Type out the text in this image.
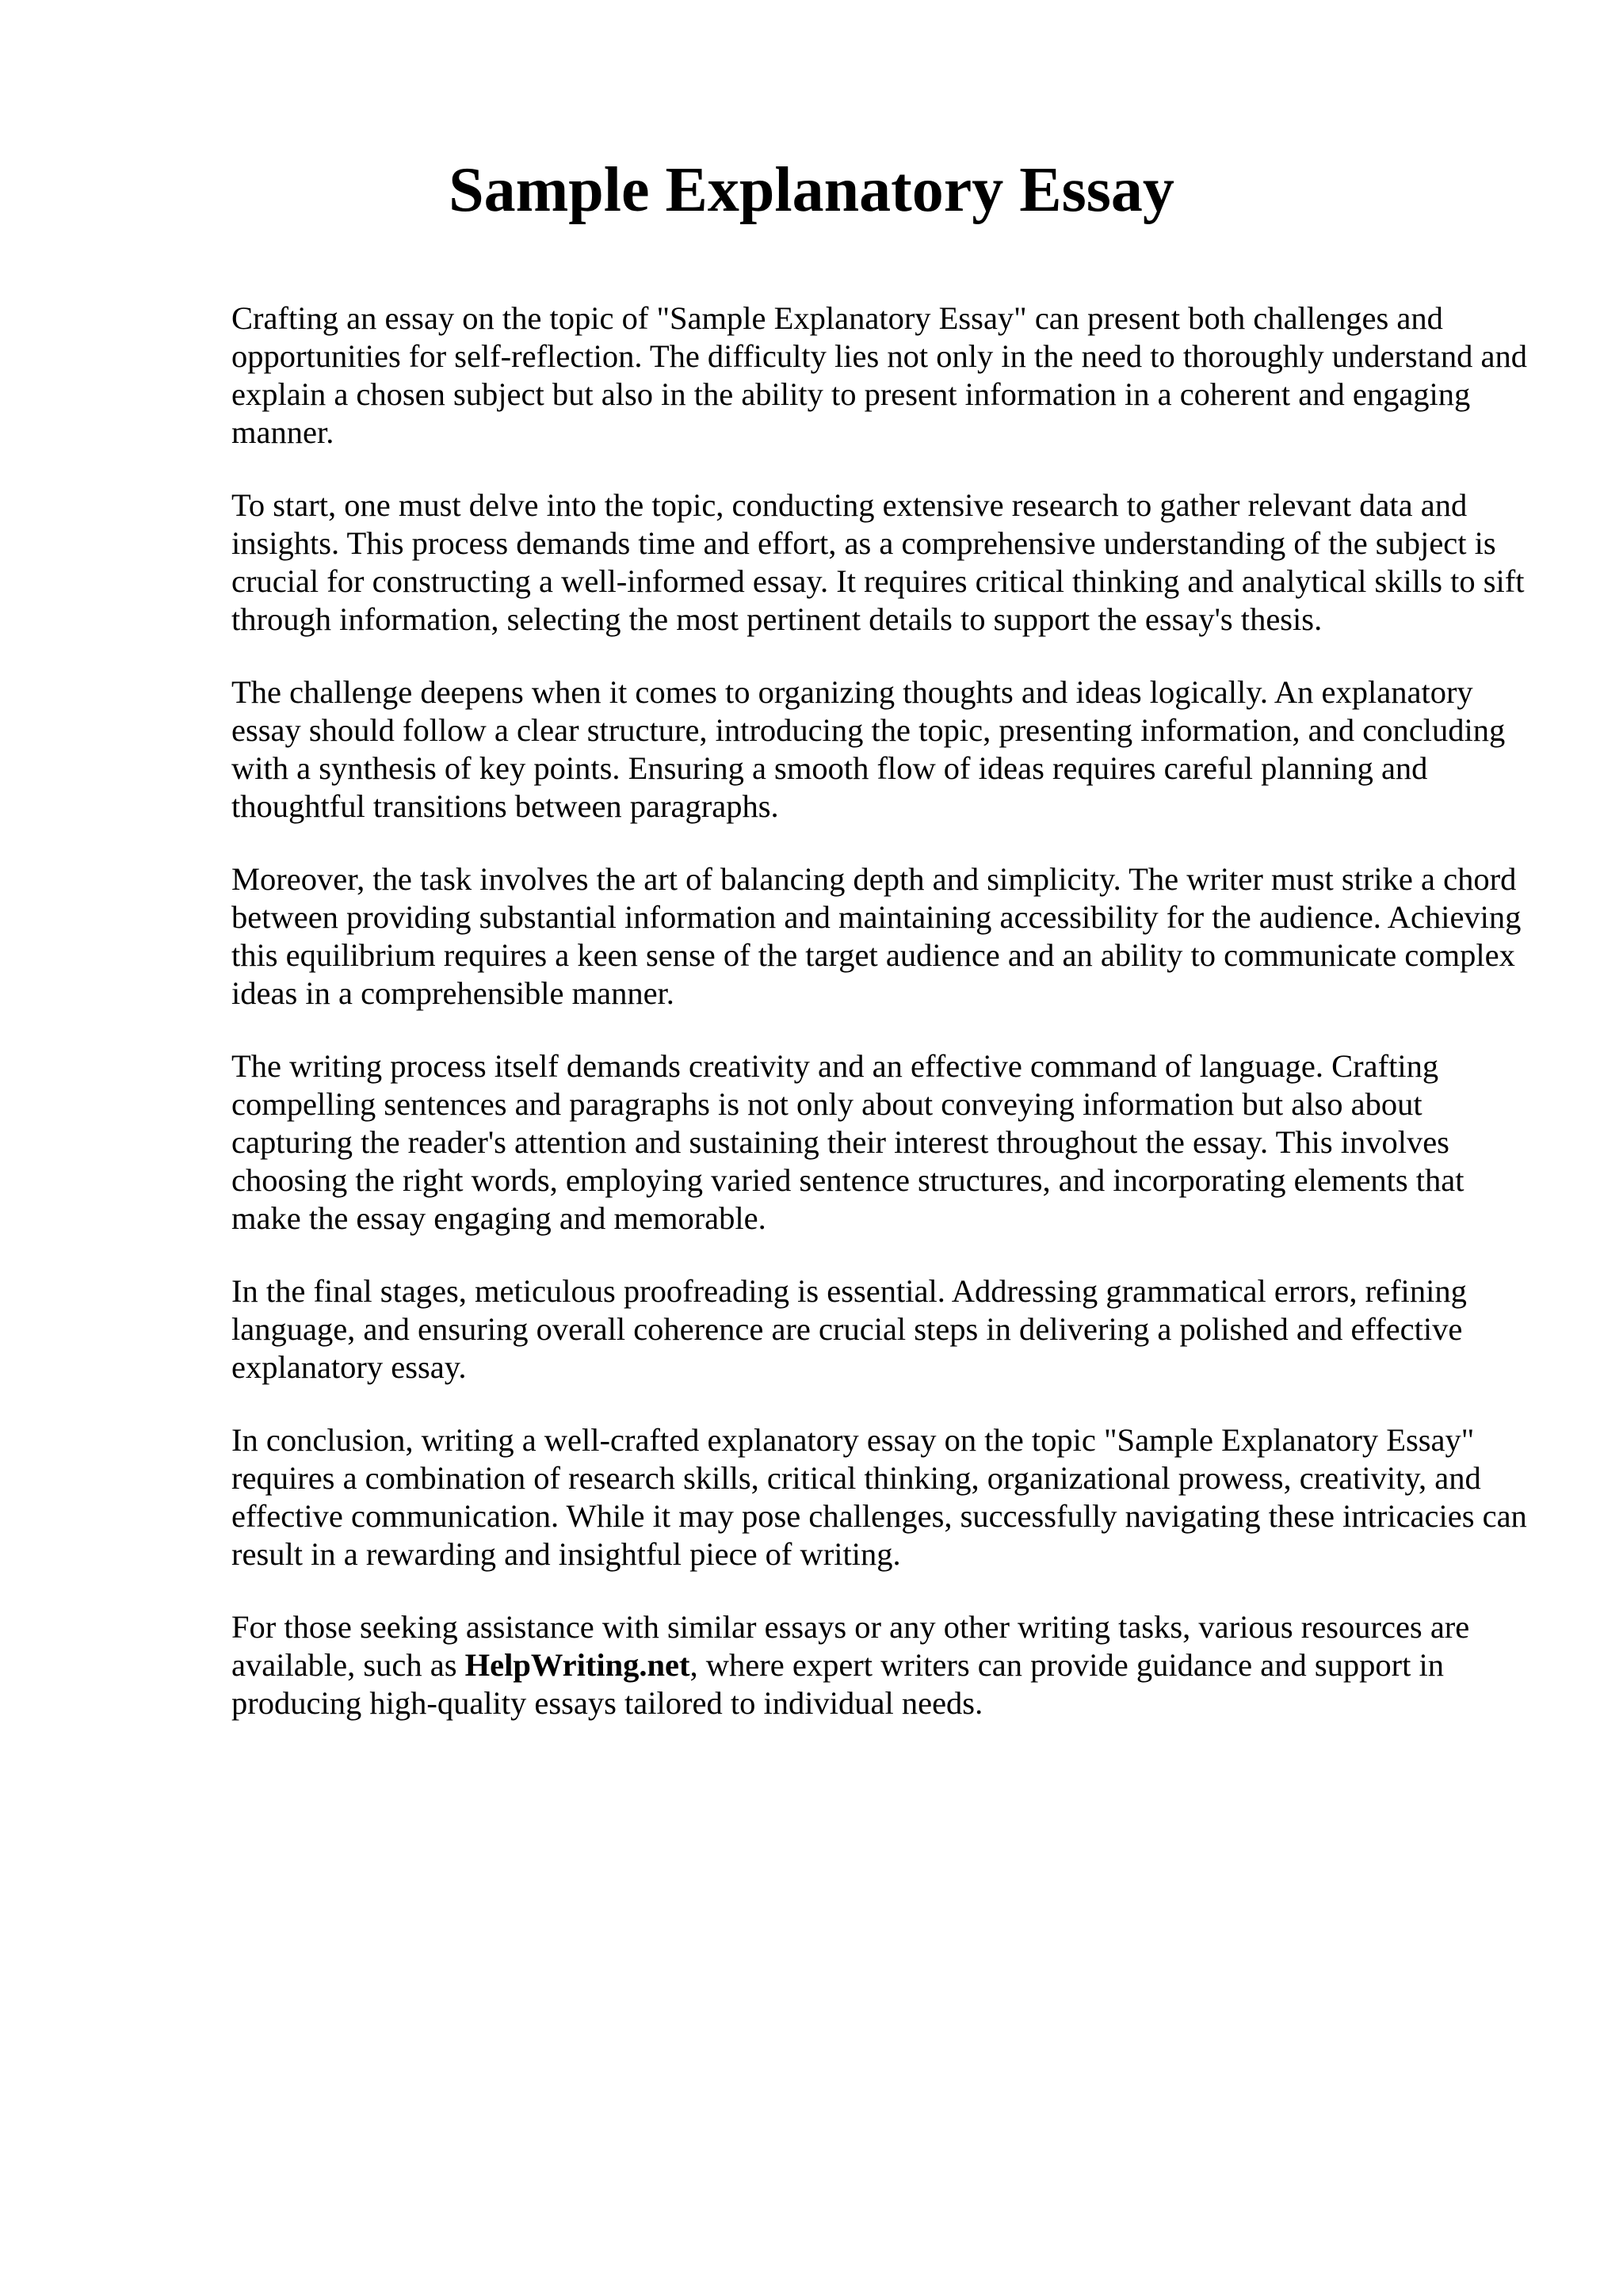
Sample Explanatory Essay

Crafting an essay on the topic of "Sample Explanatory Essay" can present both challenges and opportunities for self-reflection. The difficulty lies not only in the need to thoroughly understand and explain a chosen subject but also in the ability to present information in a coherent and engaging manner.

To start, one must delve into the topic, conducting extensive research to gather relevant data and insights. This process demands time and effort, as a comprehensive understanding of the subject is crucial for constructing a well-informed essay. It requires critical thinking and analytical skills to sift through information, selecting the most pertinent details to support the essay's thesis.

The challenge deepens when it comes to organizing thoughts and ideas logically. An explanatory essay should follow a clear structure, introducing the topic, presenting information, and concluding with a synthesis of key points. Ensuring a smooth flow of ideas requires careful planning and thoughtful transitions between paragraphs.

Moreover, the task involves the art of balancing depth and simplicity. The writer must strike a chord between providing substantial information and maintaining accessibility for the audience. Achieving this equilibrium requires a keen sense of the target audience and an ability to communicate complex ideas in a comprehensible manner.

The writing process itself demands creativity and an effective command of language. Crafting compelling sentences and paragraphs is not only about conveying information but also about capturing the reader's attention and sustaining their interest throughout the essay. This involves choosing the right words, employing varied sentence structures, and incorporating elements that make the essay engaging and memorable.

In the final stages, meticulous proofreading is essential. Addressing grammatical errors, refining language, and ensuring overall coherence are crucial steps in delivering a polished and effective explanatory essay.

In conclusion, writing a well-crafted explanatory essay on the topic "Sample Explanatory Essay" requires a combination of research skills, critical thinking, organizational prowess, creativity, and effective communication. While it may pose challenges, successfully navigating these intricacies can result in a rewarding and insightful piece of writing.

For those seeking assistance with similar essays or any other writing tasks, various resources are available, such as HelpWriting.net, where expert writers can provide guidance and support in producing high-quality essays tailored to individual needs.
